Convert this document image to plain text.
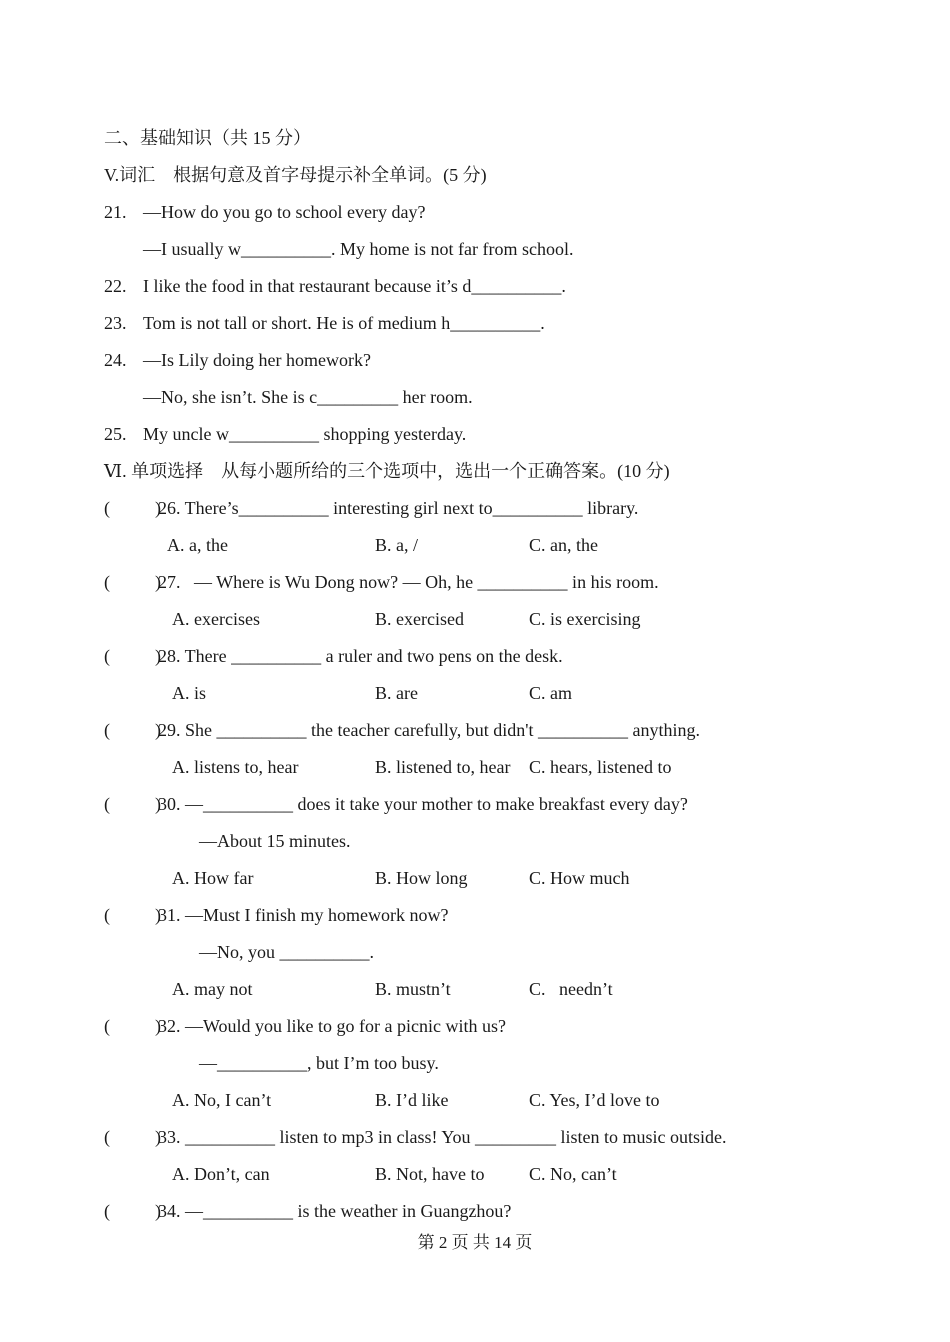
二、基础知识（共 15 分）
V.词汇　根据句意及首字母提示补全单词。(5 分)
21. —How do you go to school every day?
—I usually w__________. My home is not far from school.
22. I like the food in that restaurant because it’s d__________.
23. Tom is not tall or short. He is of medium h__________.
24. —Is Lily doing her homework?
—No, she isn’t. She is c_________ her room.
25. My uncle w__________ shopping yesterday.
Ⅵ. 单项选择　从每小题所给的三个选项中，选出一个正确答案。(10 分)
(          )
26. There’s__________ interesting girl next to__________ library.
A. a, the	B. a, /	C. an, the
(          )
27.   — Where is Wu Dong now? — Oh, he __________ in his room.
A. exercises	B. exercised	C. is exercising
(          )
28. There __________ a ruler and two pens on the desk.
A. is	B. are	C. am
(          )
29. She __________ the teacher carefully, but didn't __________ anything.
A. listens to, hear	B. listened to, hear C. hears, listened to
(          )
30. —__________ does it take your mother to make breakfast every day?
—About 15 minutes.
A. How far	B. How long	C. How much
(          )
31. —Must I finish my homework now?
—No, you __________.
A. may not	B. mustn’t	C.   needn’t
(          )
32. —Would you like to go for a picnic with us?
—__________, but I’m too busy.
A. No, I can’t	B. I’d like	C. Yes, I’d love to
(          )
33. __________ listen to mp3 in class! You _________ listen to music outside.
A. Don’t, can	B. Not, have to C. No, can’t
(          )
34. —__________ is the weather in Guangzhou?
第 2 页 共 14 页
